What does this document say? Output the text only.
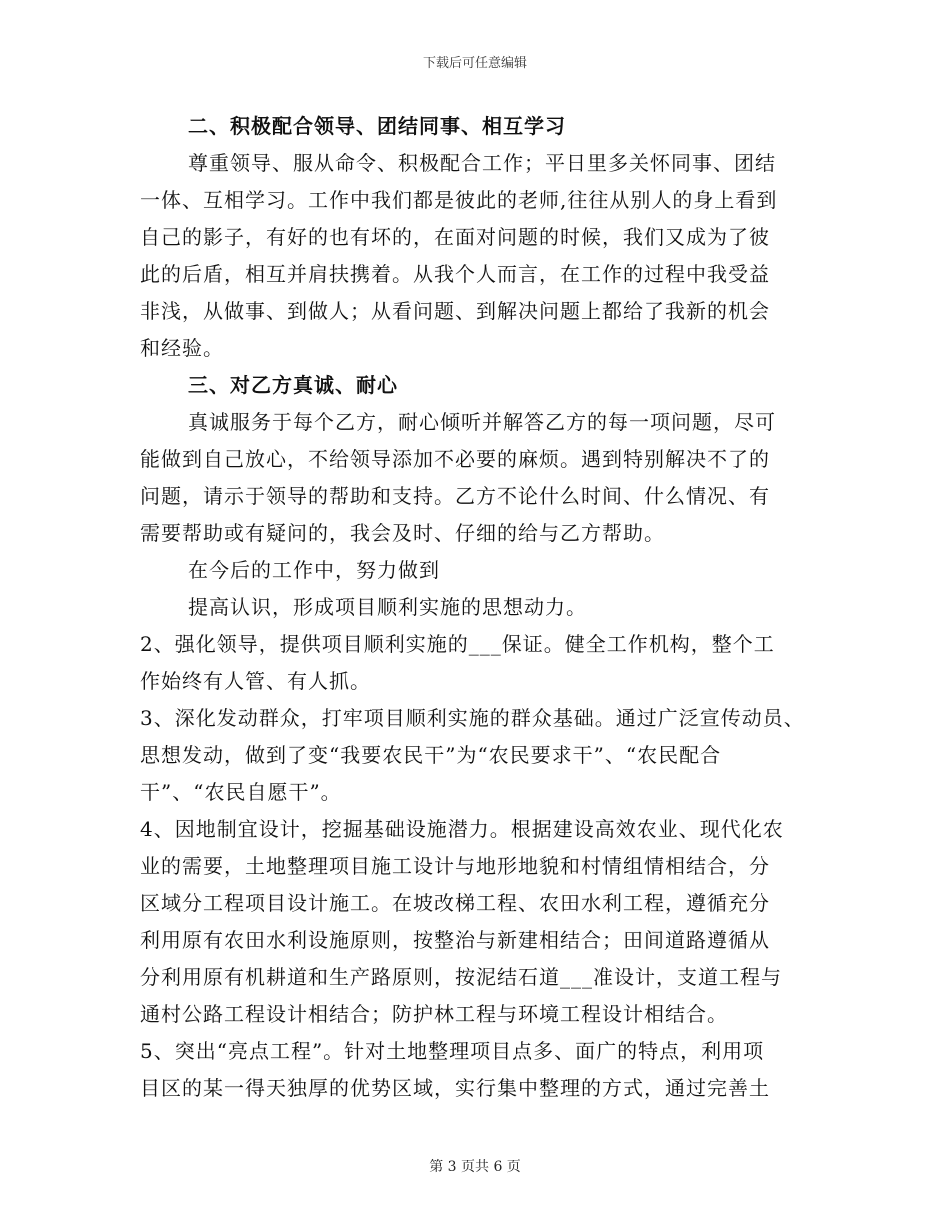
下载后可任意编辑
二、积极配合领导、团结同事、相互学习
尊重领导、服从命令、积极配合工作；平日里多关怀同事、团结
一体、互相学习。工作中我们都是彼此的老师,往往从别人的身上看到
自己的影子，有好的也有坏的，在面对问题的时候，我们又成为了彼
此的后盾，相互并肩扶携着。从我个人而言，在工作的过程中我受益
非浅，从做事、到做人；从看问题、到解决问题上都给了我新的机会
和经验。
三、对乙方真诚、耐心
真诚服务于每个乙方，耐心倾听并解答乙方的每一项问题，尽可
能做到自己放心，不给领导添加不必要的麻烦。遇到特别解决不了的
问题，请示于领导的帮助和支持。乙方不论什么时间、什么情况、有
需要帮助或有疑问的，我会及时、仔细的给与乙方帮助。
在今后的工作中，努力做到
提高认识，形成项目顺利实施的思想动力。
2、强化领导，提供项目顺利实施的___保证。健全工作机构，整个工
作始终有人管、有人抓。
3、深化发动群众，打牢项目顺利实施的群众基础。通过广泛宣传动员、
思想发动，做到了变“我要农民干”为“农民要求干”、“农民配合
干”、“农民自愿干”。
4、因地制宜设计，挖掘基础设施潜力。根据建设高效农业、现代化农
业的需要，土地整理项目施工设计与地形地貌和村情组情相结合，分
区域分工程项目设计施工。在坡改梯工程、农田水利工程，遵循充分
利用原有农田水利设施原则，按整治与新建相结合；田间道路遵循从
分利用原有机耕道和生产路原则，按泥结石道___准设计，支道工程与
通村公路工程设计相结合；防护林工程与环境工程设计相结合。
5、突出“亮点工程”。针对土地整理项目点多、面广的特点，利用项
目区的某一得天独厚的优势区域，实行集中整理的方式，通过完善土
第 3 页共 6 页
